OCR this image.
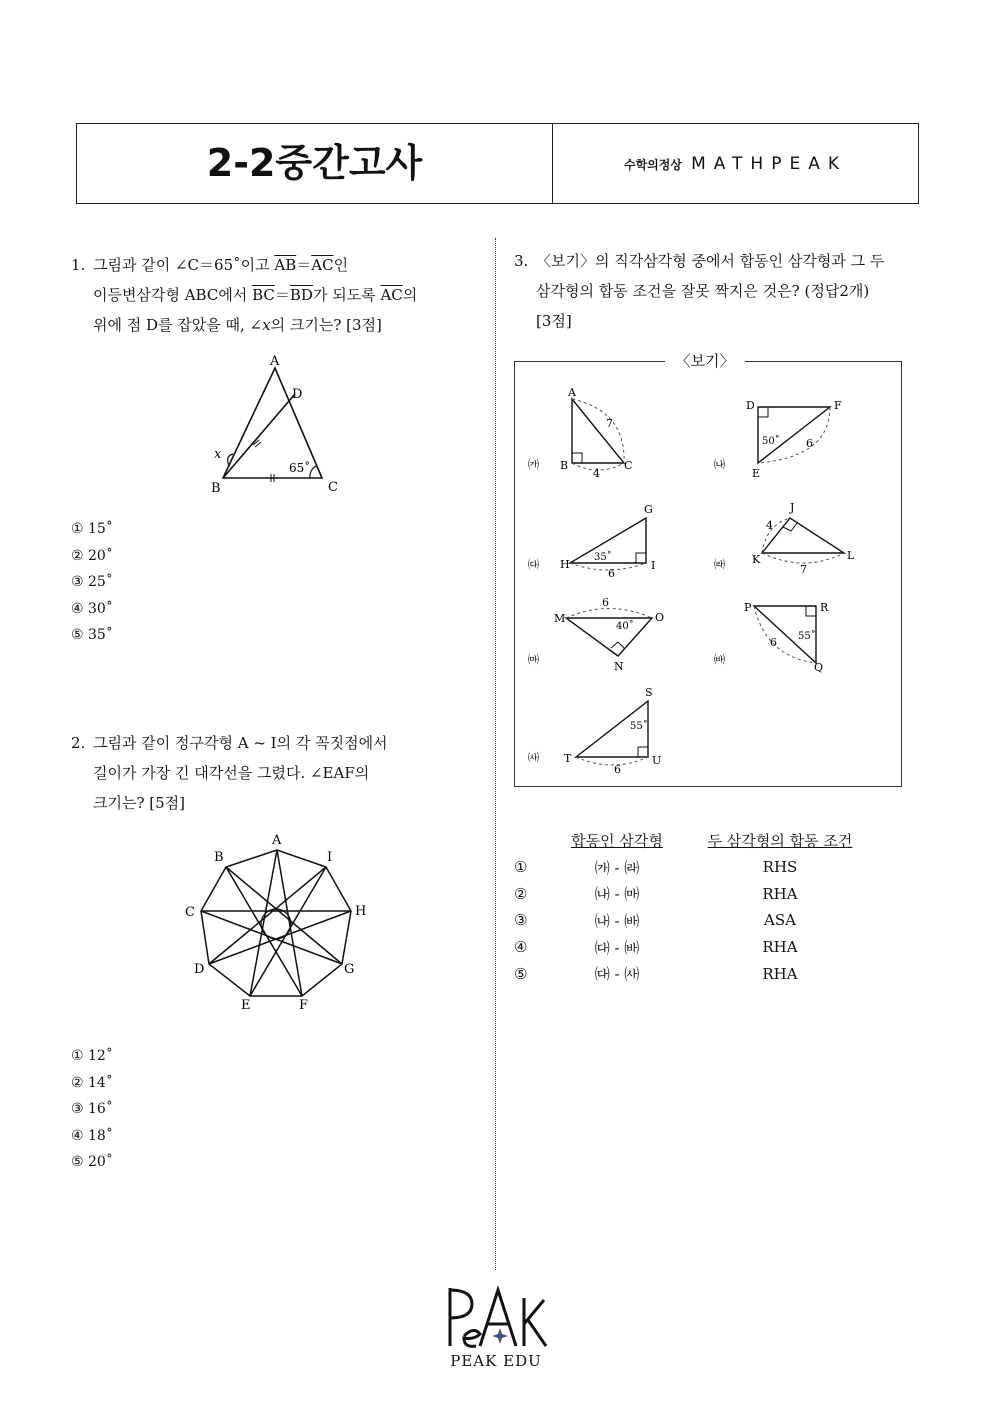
2-2중간고사	수학의정상 MATHPEAK
1. 그림과 같이 ∠C＝65˚이고 $\overline{AB}=\overline{AC}$인
이등변삼각형 ABC에서 $\overline{BC}=\overline{BD}$가 되도록 $\overline{AC}$의
위에 점 D를 잡았을 때, ∠x의 크기는? [3점]
A
D
B	C
x
65˚
① 15˚
② 20˚
③ 25˚
④ 30˚
⑤ 35˚
2. 그림과 같이 정구각형 A ~ I의 각 꼭짓점에서
길이가 가장 긴 대각선을 그렸다. ∠EAF의
크기는? [5점]
A
B
C
D
E	F
G
H
I
① 12˚
② 14˚
③ 16˚
④ 18˚
⑤ 20˚
3. 〈보기〉의 직각삼각형 중에서 합동인 삼각형과 그 두
삼각형의 합동 조건을 잘못 짝지은 것은? (정답2개)
[3점]
〈보기〉
㈎
A
B	C
7
4
㈏
D
E
F
50˚ 6
㈐
G
H	I
35˚
6
㈑
J
K	L
4
7
㈒
M
N
O
40˚
6
㈓
P
Q
R
55˚
6
㈔
S
T	U
55˚
6
	합동인 삼각형	두 삼각형의 합동 조건
①	㈎ - ㈑	RHS
②	㈏ - ㈒	RHA
③	㈏ - ㈓	ASA
④	㈐ - ㈓	RHA
⑤	㈐ - ㈔	RHA
PEAK EDU
